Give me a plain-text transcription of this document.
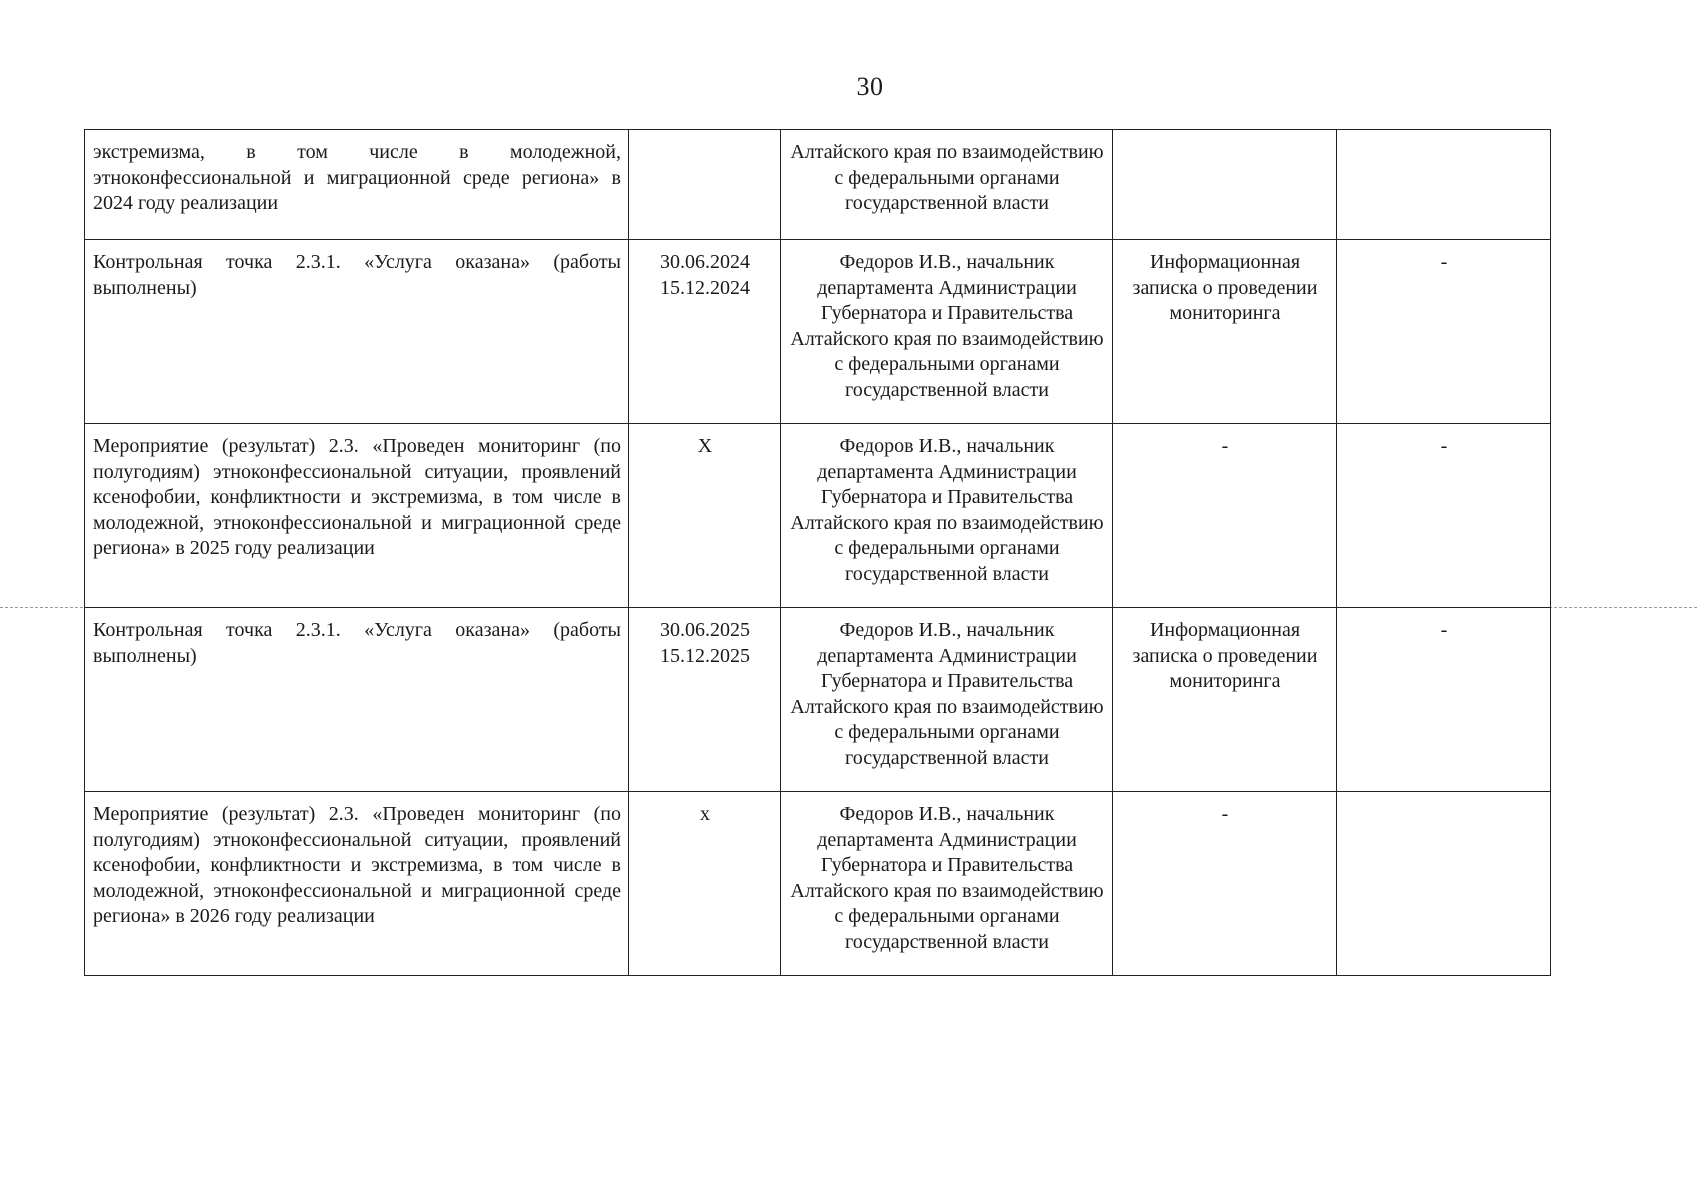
30
экстремизма, в том числе в молодежной, этноконфессиональной и миграционной среде региона» в 2024 году реализации		Алтайского края по взаимодействию с федеральными органами государственной власти		
Контрольная точка 2.3.1. «Услуга оказана» (работы выполнены)	30.06.2024 15.12.2024	Федоров И.В., начальник департамента Администрации Губернатора и Правительства Алтайского края по взаимодействию с федеральными органами государственной власти	Информационная записка о проведении мониторинга	-
Мероприятие (результат) 2.3. «Проведен мониторинг (по полугодиям) этноконфессиональной ситуации, проявлений ксенофобии, конфликтности и экстремизма, в том числе в молодежной, этноконфессиональной и миграционной среде региона» в 2025 году реализации	X	Федоров И.В., начальник департамента Администрации Губернатора и Правительства Алтайского края по взаимодействию с федеральными органами государственной власти	-	-
Контрольная точка 2.3.1. «Услуга оказана» (работы выполнены)	30.06.2025 15.12.2025	Федоров И.В., начальник департамента Администрации Губернатора и Правительства Алтайского края по взаимодействию с федеральными органами государственной власти	Информационная записка о проведении мониторинга	-
Мероприятие (результат) 2.3. «Проведен мониторинг (по полугодиям) этноконфессиональной ситуации, проявлений ксенофобии, конфликтности и экстремизма, в том числе в молодежной, этноконфессиональной и миграционной среде региона» в 2026 году реализации	x	Федоров И.В., начальник департамента Администрации Губернатора и Правительства Алтайского края по взаимодействию с федеральными органами государственной власти	-	
